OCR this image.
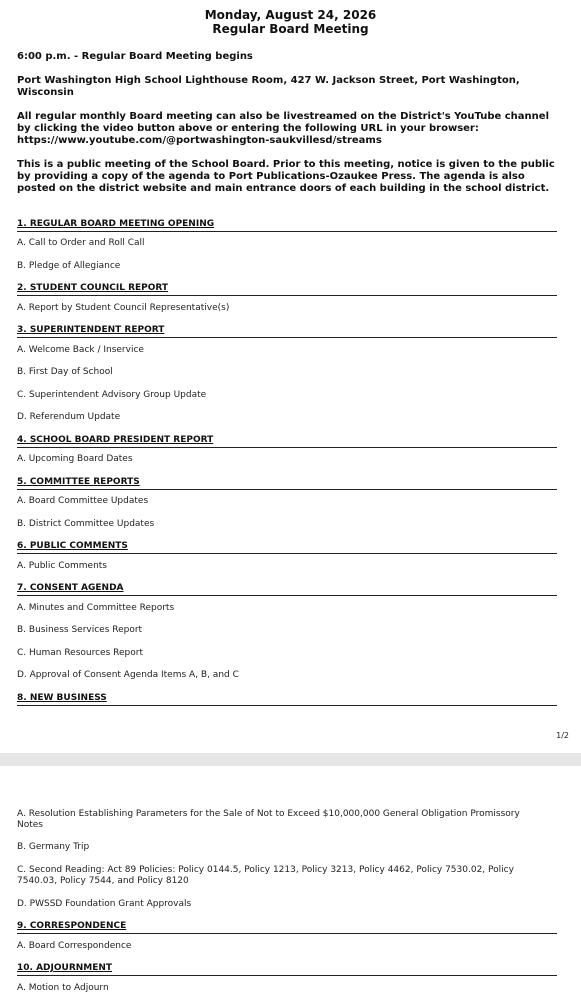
Monday, August 24, 2026
Regular Board Meeting
6:00 p.m. - Regular Board Meeting begins
Port Washington High School Lighthouse Room, 427 W. Jackson Street, Port Washington, Wisconsin
All regular monthly Board meeting can also be livestreamed on the District's YouTube channel by clicking the video button above or entering the following URL in your browser: https://www.youtube.com/@portwashington-saukvillesd/streams
This is a public meeting of the School Board. Prior to this meeting, notice is given to the public by providing a copy of the agenda to Port Publications-Ozaukee Press. The agenda is also posted on the district website and main entrance doors of each building in the school district.
1. REGULAR BOARD MEETING OPENING
A. Call to Order and Roll Call
B. Pledge of Allegiance
2. STUDENT COUNCIL REPORT
A. Report by Student Council Representative(s)
3. SUPERINTENDENT REPORT
A. Welcome Back / Inservice
B. First Day of School
C. Superintendent Advisory Group Update
D. Referendum Update
4. SCHOOL BOARD PRESIDENT REPORT
A. Upcoming Board Dates
5. COMMITTEE REPORTS
A. Board Committee Updates
B. District Committee Updates
6. PUBLIC COMMENTS
A. Public Comments
7. CONSENT AGENDA
A. Minutes and Committee Reports
B. Business Services Report
C. Human Resources Report
D. Approval of Consent Agenda Items A, B, and C
8. NEW BUSINESS
1/2
A. Resolution Establishing Parameters for the Sale of Not to Exceed $10,000,000 General Obligation Promissory Notes
B. Germany Trip
C. Second Reading: Act 89 Policies: Policy 0144.5, Policy 1213, Policy 3213, Policy 4462, Policy 7530.02, Policy 7540.03, Policy 7544, and Policy 8120
D. PWSSD Foundation Grant Approvals
9. CORRESPONDENCE
A. Board Correspondence
10. ADJOURNMENT
A. Motion to Adjourn
